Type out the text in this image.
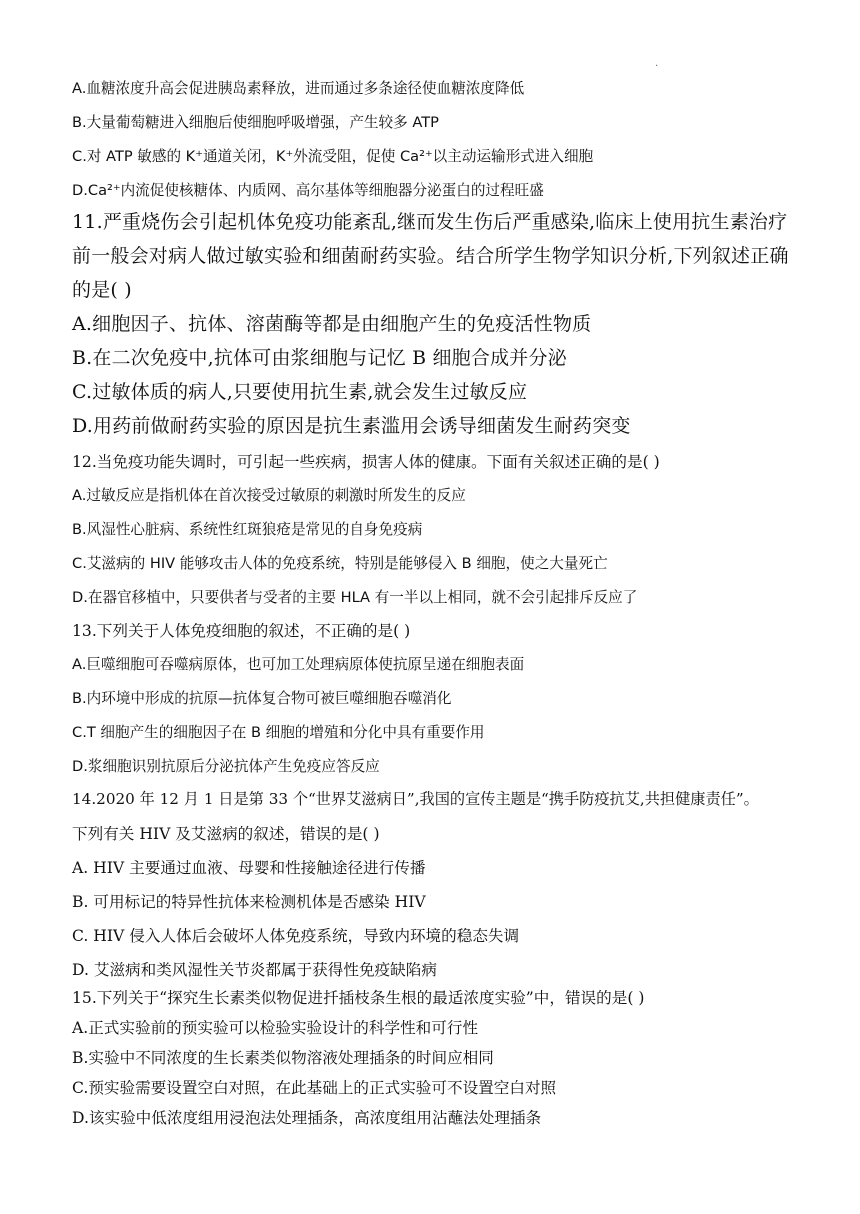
.
A.血糖浓度升高会促进胰岛素释放，进而通过多条途径使血糖浓度降低
B.大量葡萄糖进入细胞后使细胞呼吸增强，产生较多 ATP
C.对 ATP 敏感的 K⁺通道关闭，K⁺外流受阻，促使 Ca²⁺以主动运输形式进入细胞
D.Ca²⁺内流促使核糖体、内质网、高尔基体等细胞器分泌蛋白的过程旺盛
11.严重烧伤会引起机体免疫功能紊乱,继而发生伤后严重感染,临床上使用抗生素治疗
前一般会对病人做过敏实验和细菌耐药实验。结合所学生物学知识分析,下列叙述正确
的是( )
A.细胞因子、抗体、溶菌酶等都是由细胞产生的免疫活性物质
B.在二次免疫中,抗体可由浆细胞与记忆 B 细胞合成并分泌
C.过敏体质的病人,只要使用抗生素,就会发生过敏反应
D.用药前做耐药实验的原因是抗生素滥用会诱导细菌发生耐药突变
12.当免疫功能失调时，可引起一些疾病，损害人体的健康。下面有关叙述正确的是( )
A.过敏反应是指机体在首次接受过敏原的刺激时所发生的反应
B.风湿性心脏病、系统性红斑狼疮是常见的自身免疫病
C.艾滋病的 HIV 能够攻击人体的免疫系统，特别是能够侵入 B 细胞，使之大量死亡
D.在器官移植中，只要供者与受者的主要 HLA 有一半以上相同，就不会引起排斥反应了
13.下列关于人体免疫细胞的叙述，不正确的是( )
A.巨噬细胞可吞噬病原体，也可加工处理病原体使抗原呈递在细胞表面
B.内环境中形成的抗原—抗体复合物可被巨噬细胞吞噬消化
C.T 细胞产生的细胞因子在 B 细胞的增殖和分化中具有重要作用
D.浆细胞识别抗原后分泌抗体产生免疫应答反应
14.2020 年 12 月 1 日是第 33 个“世界艾滋病日”,我国的宣传主题是“携手防疫抗艾,共担健康责任”。
下列有关 HIV 及艾滋病的叙述，错误的是( )
A. HIV 主要通过血液、母婴和性接触途径进行传播
B. 可用标记的特异性抗体来检测机体是否感染 HIV
C. HIV 侵入人体后会破坏人体免疫系统，导致内环境的稳态失调
D. 艾滋病和类风湿性关节炎都属于获得性免疫缺陷病
15.下列关于“探究生长素类似物促进扦插枝条生根的最适浓度实验”中，错误的是( )
A.正式实验前的预实验可以检验实验设计的科学性和可行性
B.实验中不同浓度的生长素类似物溶液处理插条的时间应相同
C.预实验需要设置空白对照，在此基础上的正式实验可不设置空白对照
D.该实验中低浓度组用浸泡法处理插条，高浓度组用沾蘸法处理插条
